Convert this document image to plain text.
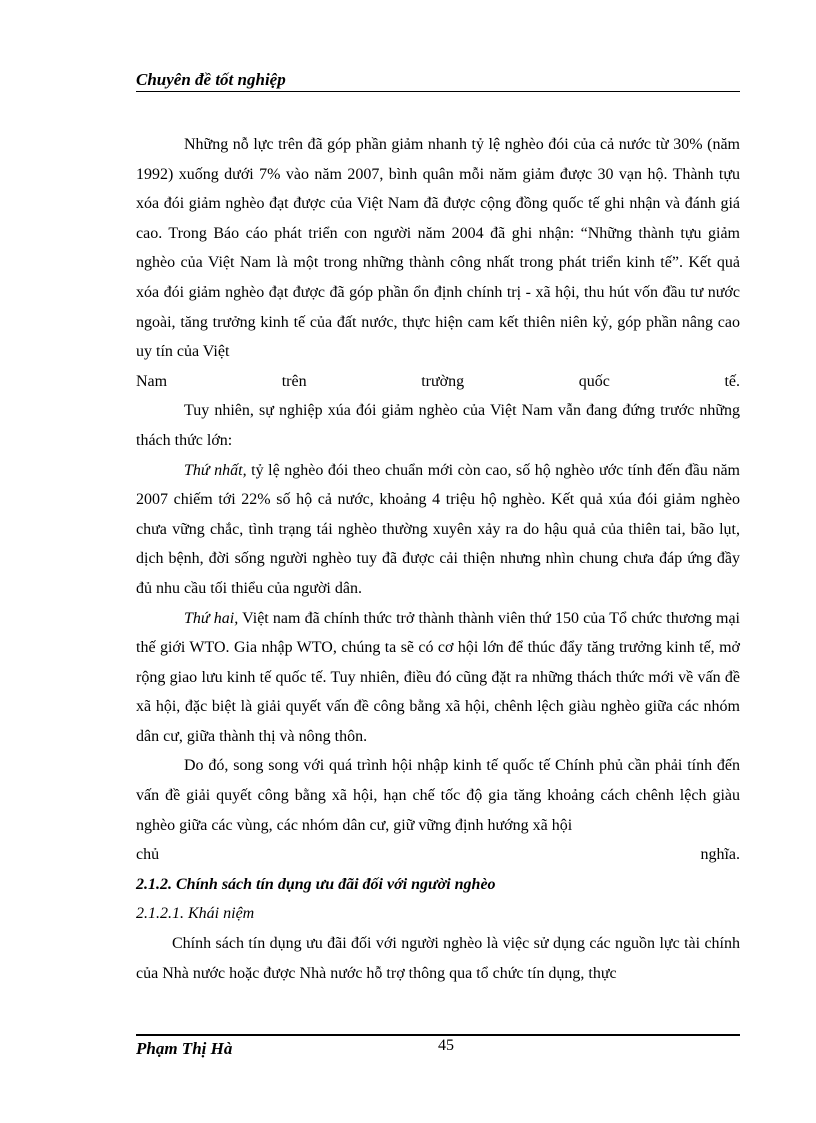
Chuyên đề tốt nghiệp

Những nỗ lực trên đã góp phần giảm nhanh tỷ lệ nghèo đói của cả nước từ 30% (năm 1992) xuống dưới 7% vào năm 2007, bình quân mỗi năm giảm được 30 vạn hộ. Thành tựu xóa đói giảm nghèo đạt được của Việt Nam đã được cộng đồng quốc tế ghi nhận và đánh giá cao. Trong Báo cáo phát triển con người năm 2004 đã ghi nhận: “Những thành tựu giảm nghèo của Việt Nam là một trong những thành công nhất trong phát triển kinh tế”. Kết quả xóa đói giảm nghèo đạt được đã góp phần ổn định chính trị - xã hội, thu hút vốn đầu tư nước ngoài, tăng trưởng kinh tế của đất nước, thực hiện cam kết thiên niên kỷ, góp phần nâng cao uy tín của Việt

Nam trên trường quốc tế.

Tuy nhiên, sự nghiệp xúa đói giảm nghèo của Việt Nam vẫn đang đứng trước những thách thức lớn:

Thứ nhất, tỷ lệ nghèo đói theo chuẩn mới còn cao, số hộ nghèo ước tính đến đầu năm 2007 chiếm tới 22% số hộ cả nước, khoảng 4 triệu hộ nghèo. Kết quả xúa đói giảm nghèo chưa vững chắc, tình trạng tái nghèo thường xuyên xảy ra do hậu quả của thiên tai, bão lụt, dịch bệnh, đời sống người nghèo tuy đã được cải thiện nhưng nhìn chung chưa đáp ứng đầy đủ nhu cầu tối thiểu của người dân.

Thứ hai, Việt nam đã chính thức trở thành thành viên thứ 150 của Tổ chức thương mại thế giới WTO. Gia nhập WTO, chúng ta sẽ có cơ hội lớn để thúc đẩy tăng trưởng kinh tế, mở rộng giao lưu kinh tế quốc tế. Tuy nhiên, điều đó cũng đặt ra những thách thức mới về vấn đề xã hội, đặc biệt là giải quyết vấn đề công bằng xã hội, chênh lệch giàu nghèo giữa các nhóm dân cư, giữa thành thị và nông thôn.

Do đó, song song với quá trình hội nhập kinh tế quốc tế Chính phủ cần phải tính đến vấn đề giải quyết công bằng xã hội, hạn chế tốc độ gia tăng khoảng cách chênh lệch giàu nghèo giữa các vùng, các nhóm dân cư, giữ vững định hướng xã hội

chủ nghĩa.

2.1.2. Chính sách tín dụng ưu đãi đối với người nghèo

2.1.2.1. Khái niệm

Chính sách tín dụng ưu đãi đối với người nghèo là việc sử dụng các nguồn lực tài chính của Nhà nước hoặc được Nhà nước hỗ trợ thông qua tổ chức tín dụng, thực

Phạm Thị Hà	45
